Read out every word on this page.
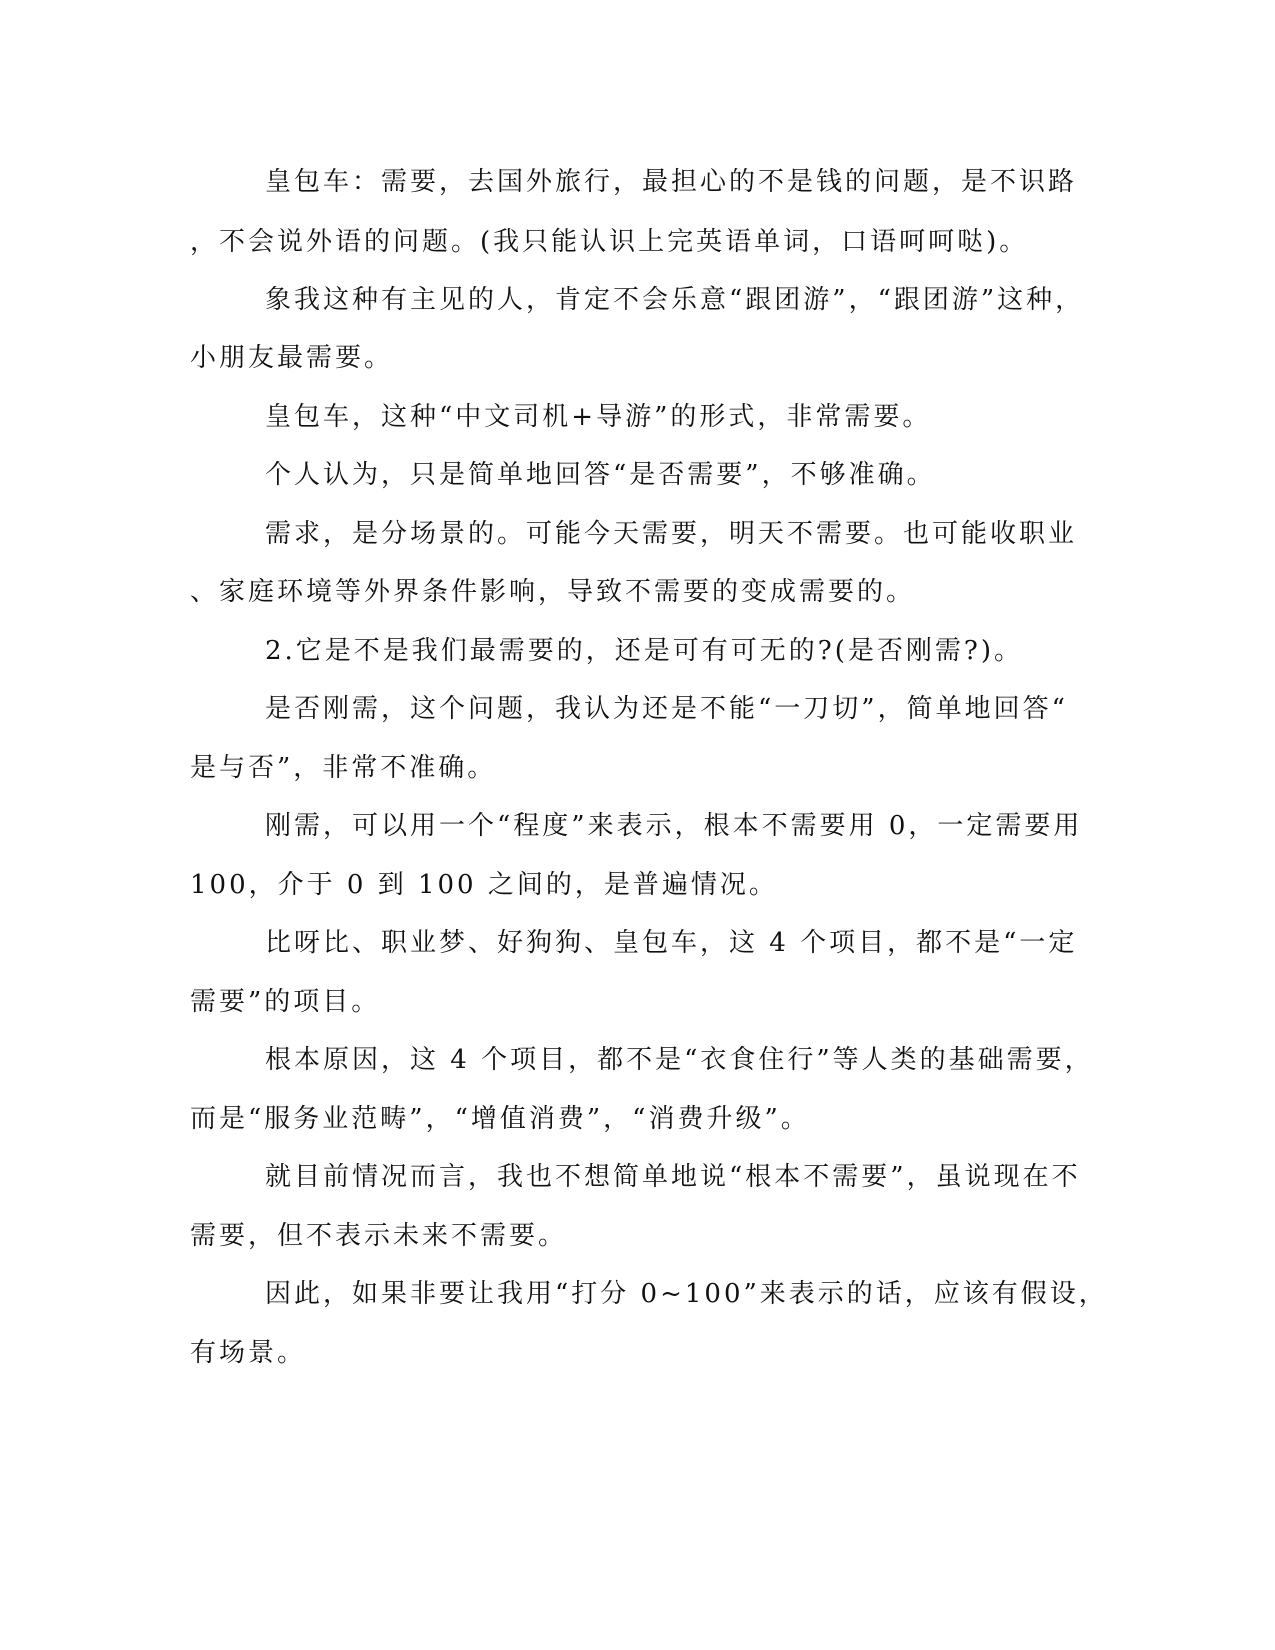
皇包车：需要，去国外旅行，最担心的不是钱的问题，是不识路
，不会说外语的问题。(我只能认识上完英语单词，口语呵呵哒)。
象我这种有主见的人，肯定不会乐意“跟团游”，“跟团游”这种，
小朋友最需要。
皇包车，这种“中文司机+导游”的形式，非常需要。
个人认为，只是简单地回答“是否需要”，不够准确。
需求，是分场景的。可能今天需要，明天不需要。也可能收职业
、家庭环境等外界条件影响，导致不需要的变成需要的。
2.它是不是我们最需要的，还是可有可无的?(是否刚需?)。
是否刚需，这个问题，我认为还是不能“一刀切”，简单地回答“
是与否”，非常不准确。
刚需，可以用一个“程度”来表示，根本不需要用 0，一定需要用
100，介于 0 到 100 之间的，是普遍情况。
比呀比、职业梦、好狗狗、皇包车，这 4 个项目，都不是“一定
需要”的项目。
根本原因，这 4 个项目，都不是“衣食住行”等人类的基础需要，
而是“服务业范畴”，“增值消费”，“消费升级”。
就目前情况而言，我也不想简单地说“根本不需要”，虽说现在不
需要，但不表示未来不需要。
因此，如果非要让我用“打分 0~100”来表示的话，应该有假设，
有场景。
